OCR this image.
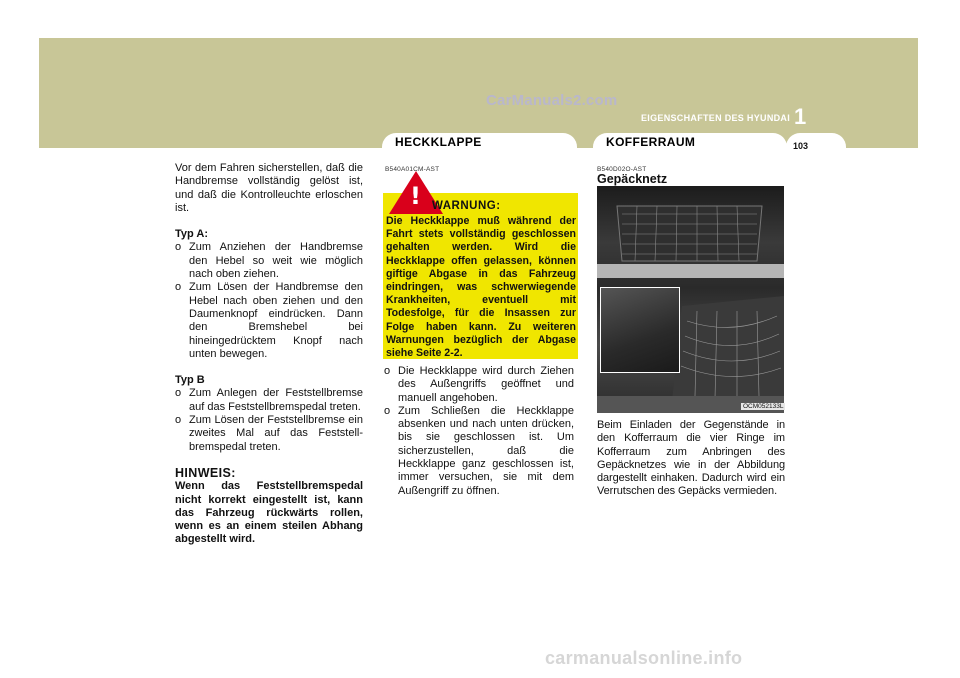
CarManuals2.com
EIGENSCHAFTEN DES HYUNDAI 1
HECKKLAPPE	KOFFERRAUM	103

Vor dem Fahren sicherstellen, daß die Handbremse vollständig gelöst ist, und daß die Kontrolleuchte erloschen ist.

Typ A:

o Zum Anziehen der Handbremse den Hebel so weit wie möglich nach oben ziehen.
o Zum Lösen der Handbremse den Hebel nach oben ziehen und den Daumenknopf eindrücken. Dann den Bremshebel bei hineingedrücktem Knopf nach unten bewegen.

Typ B

o Zum Anlegen der Feststellbremse auf das Feststellbremspedal treten.
o Zum Lösen der Feststellbremse ein zweites Mal auf das Feststell- bremspedal treten.

HINWEIS:

Wenn das Feststellbremspedal nicht korrekt eingestellt ist, kann das Fahrzeug rückwärts rollen, wenn es an einem steilen Abhang abgestellt wird.

B540A01CM-AST
! WARNUNG:
Die Heckklappe muß während der Fahrt stets vollständig geschlossen gehalten werden. Wird die Heckklappe offen gelassen, können giftige Abgase in das Fahrzeug eindringen, was schwerwiegende Krankheiten, eventuell mit Todesfolge, für die Insassen zur Folge haben kann. Zu weiteren Warnungen bezüglich der Abgase siehe Seite 2-2.
o Die Heckklappe wird durch Ziehen des Außengriffs geöffnet und manuell angehoben.
o Zum Schließen die Heckklappe absenken und nach unten drücken, bis sie geschlossen ist. Um sicherzustellen, daß die Heckklappe ganz geschlossen ist, immer versuchen, sie mit dem Außengriff zu öffnen.
B540D02O-AST
Gepäcknetz
OCM052133L

Beim Einladen der Gegenstände in den Kofferraum die vier Ringe im Kofferraum zum Anbringen des Gepäcknetzes wie in der Abbildung dargestellt einhaken. Dadurch wird ein Verrutschen des Gepäcks vermieden.

carmanualsonline.info
